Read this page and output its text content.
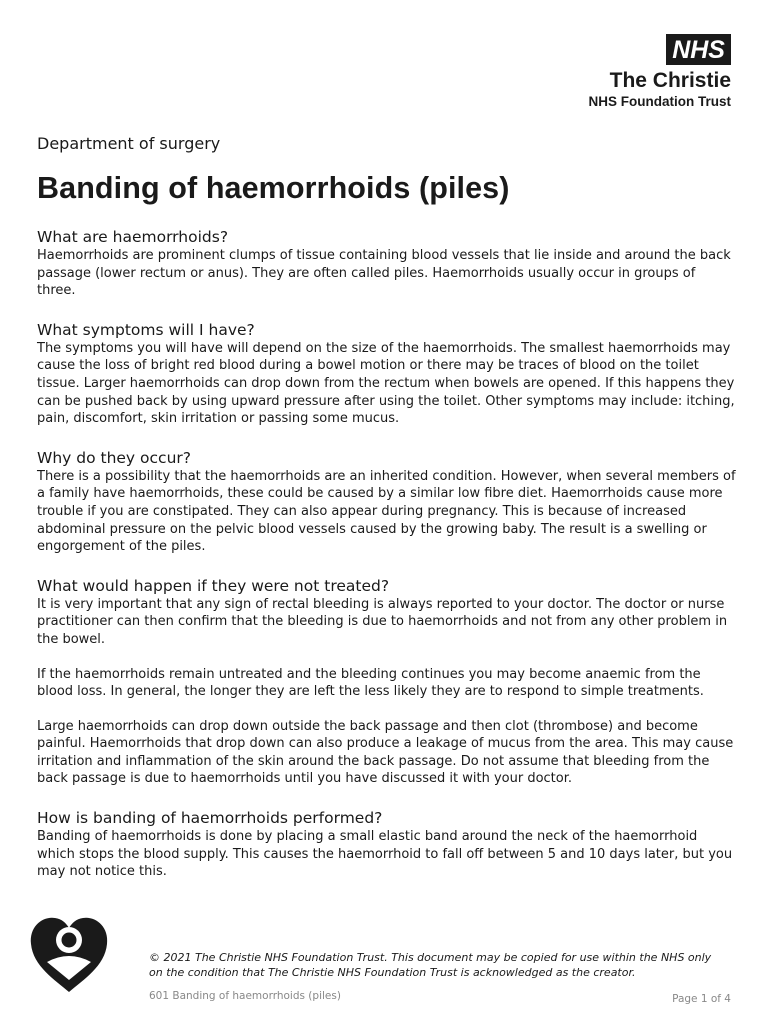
NHS
The Christie
NHS Foundation Trust

Department of surgery

Banding of haemorrhoids (piles)
What are haemorrhoids?

Haemorrhoids are prominent clumps of tissue containing blood vessels that lie inside and around the back passage (lower rectum or anus). They are often called piles. Haemorrhoids usually occur in groups of three.

What symptoms will I have?

The symptoms you will have will depend on the size of the haemorrhoids. The smallest haemorrhoids may cause the loss of bright red blood during a bowel motion or there may be traces of blood on the toilet tissue. Larger haemorrhoids can drop down from the rectum when bowels are opened. If this happens they can be pushed back by using upward pressure after using the toilet. Other symptoms may include: itching, pain, discomfort, skin irritation or passing some mucus.

Why do they occur?

There is a possibility that the haemorrhoids are an inherited condition. However, when several members of a family have haemorrhoids, these could be caused by a similar low fibre diet. Haemorrhoids cause more trouble if you are constipated. They can also appear during pregnancy. This is because of increased abdominal pressure on the pelvic blood vessels caused by the growing baby. The result is a swelling or engorgement of the piles.

What would happen if they were not treated?

It is very important that any sign of rectal bleeding is always reported to your doctor. The doctor or nurse practitioner can then confirm that the bleeding is due to haemorrhoids and not from any other problem in the bowel.

If the haemorrhoids remain untreated and the bleeding continues you may become anaemic from the blood loss. In general, the longer they are left the less likely they are to respond to simple treatments.

Large haemorrhoids can drop down outside the back passage and then clot (thrombose) and become painful. Haemorrhoids that drop down can also produce a leakage of mucus from the area. This may cause irritation and inflammation of the skin around the back passage. Do not assume that bleeding from the back passage is due to haemorrhoids until you have discussed it with your doctor.

How is banding of haemorrhoids performed?

Banding of haemorrhoids is done by placing a small elastic band around the neck of the haemorrhoid which stops the blood supply. This causes the haemorrhoid to fall off between 5 and 10 days later, but you may not notice this.

© 2021 The Christie NHS Foundation Trust. This document may be copied for use within the NHS only
on the condition that The Christie NHS Foundation Trust is acknowledged as the creator.

601 Banding of haemorrhoids (piles)	Page 1 of 4
